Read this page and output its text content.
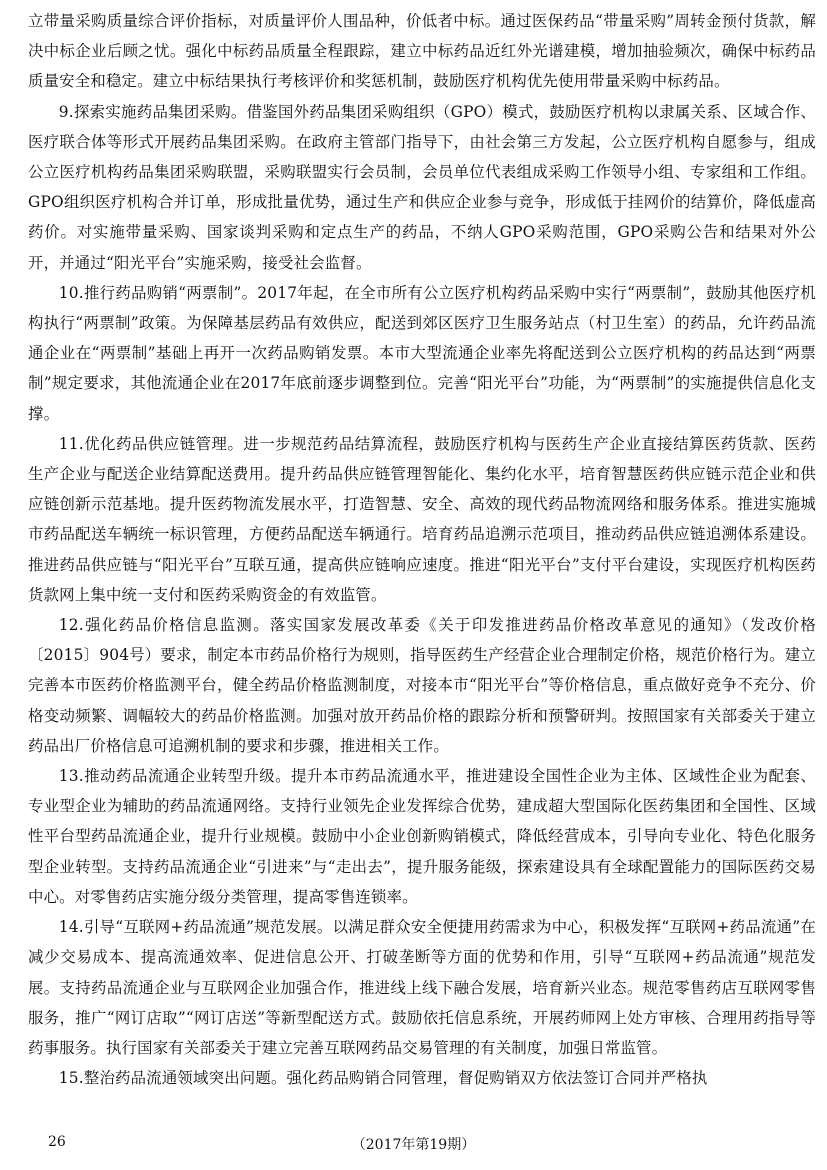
立带量采购质量综合评价指标，对质量评价人围品种，价低者中标。通过医保药品“带量采购”周转金预付货款，解决中标企业后顾之忧。强化中标药品质量全程跟踪，建立中标药品近红外光谱建模，增加抽验频次，确保中标药品质量安全和稳定。建立中标结果执行考核评价和奖惩机制，鼓励医疗机构优先使用带量采购中标药品。

9.探索实施药品集团采购。借鉴国外药品集团采购组织（GPO）模式，鼓励医疗机构以隶属关系、区域合作、医疗联合体等形式开展药品集团采购。在政府主管部门指导下，由社会第三方发起，公立医疗机构自愿参与，组成公立医疗机构药品集团采购联盟，采购联盟实行会员制，会员单位代表组成采购工作领导小组、专家组和工作组。GPO组织医疗机构合并订单，形成批量优势，通过生产和供应企业参与竞争，形成低于挂网价的结算价，降低虚高药价。对实施带量采购、国家谈判采购和定点生产的药品，不纳人GPO采购范围，GPO采购公告和结果对外公开，并通过“阳光平台”实施采购，接受社会监督。

10.推行药品购销“两票制”。2017年起，在全市所有公立医疗机构药品采购中实行“两票制”，鼓励其他医疗机构执行“两票制”政策。为保障基层药品有效供应，配送到郊区医疗卫生服务站点（村卫生室）的药品，允许药品流通企业在“两票制”基础上再开一次药品购销发票。本市大型流通企业率先将配送到公立医疗机构的药品达到“两票制”规定要求，其他流通企业在2017年底前逐步调整到位。完善“阳光平台”功能，为“两票制”的实施提供信息化支撑。

11.优化药品供应链管理。进一步规范药品结算流程，鼓励医疗机构与医药生产企业直接结算医药货款、医药生产企业与配送企业结算配送费用。提升药品供应链管理智能化、集约化水平，培育智慧医药供应链示范企业和供应链创新示范基地。提升医药物流发展水平，打造智慧、安全、高效的现代药品物流网络和服务体系。推进实施城市药品配送车辆统一标识管理，方便药品配送车辆通行。培育药品追溯示范项目，推动药品供应链追溯体系建设。推进药品供应链与“阳光平台”互联互通，提高供应链响应速度。推进“阳光平台”支付平台建设，实现医疗机构医药货款网上集中统一支付和医药采购资金的有效监管。

12.强化药品价格信息监测。落实国家发展改革委《关于印发推进药品价格改革意见的通知》（发改价格〔2015〕904号）要求，制定本市药品价格行为规则，指导医药生产经营企业合理制定价格，规范价格行为。建立完善本市医药价格监测平台，健全药品价格监测制度，对接本市“阳光平台”等价格信息，重点做好竞争不充分、价格变动频繁、调幅较大的药品价格监测。加强对放开药品价格的跟踪分析和预警研判。按照国家有关部委关于建立药品出厂价格信息可追溯机制的要求和步骤，推进相关工作。

13.推动药品流通企业转型升级。提升本市药品流通水平，推进建设全国性企业为主体、区域性企业为配套、专业型企业为辅助的药品流通网络。支持行业领先企业发挥综合优势，建成超大型国际化医药集团和全国性、区域性平台型药品流通企业，提升行业规模。鼓励中小企业创新购销模式，降低经营成本，引导向专业化、特色化服务型企业转型。支持药品流通企业“引进来”与“走出去”，提升服务能级，探索建设具有全球配置能力的国际医药交易中心。对零售药店实施分级分类管理，提高零售连锁率。

14.引导“互联网+药品流通”规范发展。以满足群众安全便捷用药需求为中心，积极发挥“互联网+药品流通”在减少交易成本、提高流通效率、促进信息公开、打破垄断等方面的优势和作用，引导“互联网+药品流通”规范发展。支持药品流通企业与互联网企业加强合作，推进线上线下融合发展，培育新兴业态。规范零售药店互联网零售服务，推广“网订店取”“网订店送”等新型配送方式。鼓励依托信息系统，开展药师网上处方审核、合理用药指导等药事服务。执行国家有关部委关于建立完善互联网药品交易管理的有关制度，加强日常监管。

15.整治药品流通领域突出问题。强化药品购销合同管理，督促购销双方依法签订合同并严格执

26	（2017年第19期）
